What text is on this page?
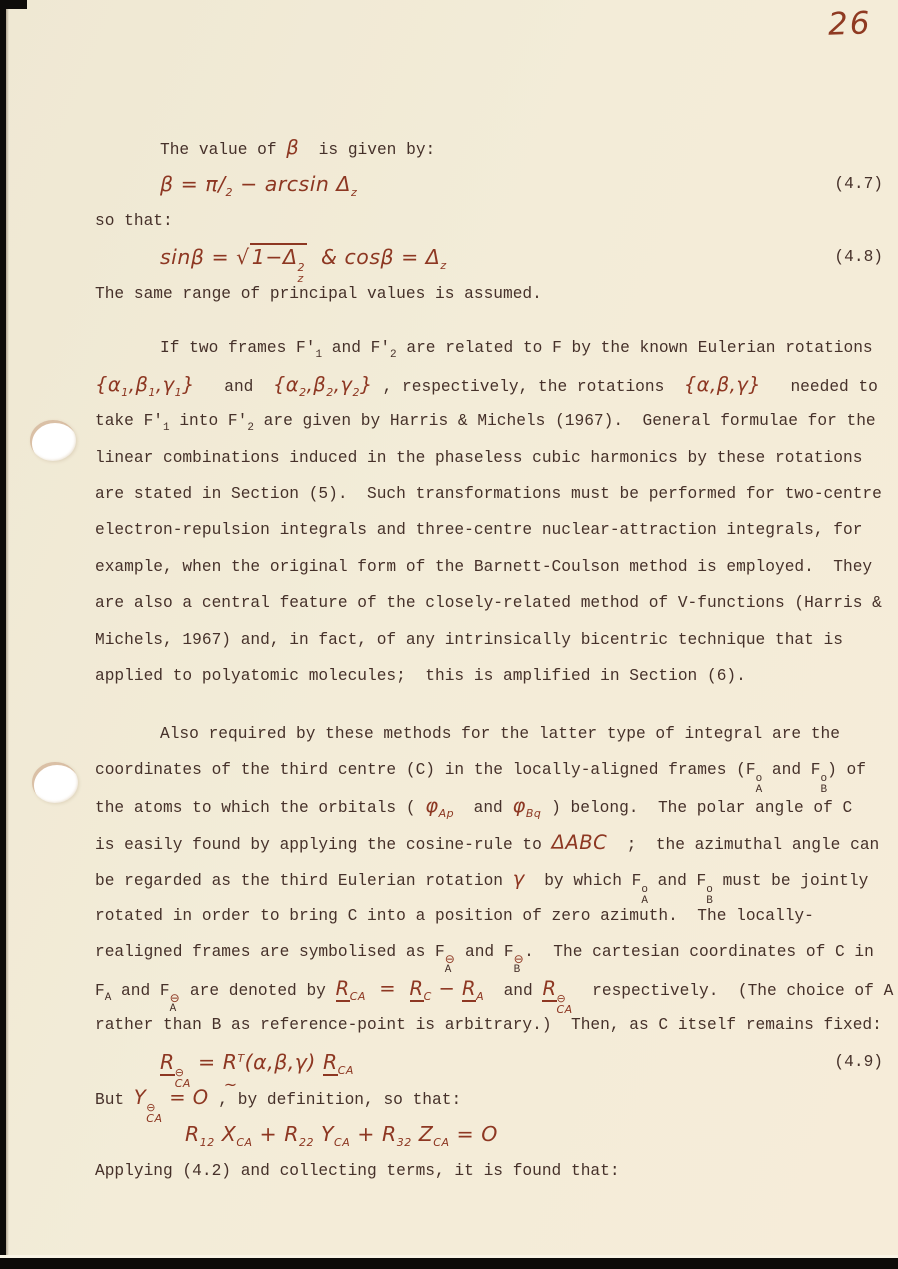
26
The value of β  is given by:
$\beta = \pi/_2 - \arcsin \Delta_z$	(4.7)
so that:
sinβ = √1−Δ 2
z
& $\cos\beta = \Delta_z$	(4.8)
The same range of principal values is assumed.
If two frames $F'_1$ and $F'_2$ are related to F by the known Eulerian rotations
$\{\alpha_1,\beta_1,\gamma_1\}$   and  $\{\alpha_2,\beta_2,\gamma_2\}$ , respectively, the rotations  {α,β,γ}   needed to
take $F'_1$ into $F'_2$ are given by Harris & Michels (1967).  General formulae for the
linear combinations induced in the phaseless cubic harmonics by these rotations
are stated in Section (5).  Such transformations must be performed for two-centre
electron-repulsion integrals and three-centre nuclear-attraction integrals, for
example, when the original form of the Barnett-Coulson method is employed.  They
are also a central feature of the closely-related method of V-functions (Harris &
Michels, 1967) and, in fact, of any intrinsically bicentric technique that is
applied to polyatomic molecules;  this is amplified in Section (6).
Also required by these methods for the latter type of integral are the
coordinates of the third centre (C) in the locally-aligned frames (F o
A
and F o
B
) of
the atoms to which the orbitals ( $\varphi_{Ap}$  and $\varphi_{Bq}$ ) belong.  The polar angle of C
is easily found by applying the cosine-rule to ΔABC  ;  the azimuthal angle can
be regarded as the third Eulerian rotation γ  by which F o
A
and F o
B
must be jointly
rotated in order to bring C into a position of zero azimuth.  The locally-
realigned frames are symbolised as F ⊖
A
and F ⊖
B
.  The cartesian coordinates of C in
$F_A$ and F ⊖
A
are denoted by $R_{CA} = R_C - R_A$  and R ⊖
CA
respectively.  (The choice of A
rather than B as reference-point is arbitrary.)  Then, as C itself remains fixed:
R ⊖
CA
= R
~
$^T$(α,β,γ) $R_{CA}$	(4.9)
But Y ⊖
CA
= O , by definition, so that:
$R_{12}$ $X_{CA} + R_{22}$ $Y_{CA} + R_{32}$ $Z_{CA} = O$
Applying (4.2) and collecting terms, it is found that:
